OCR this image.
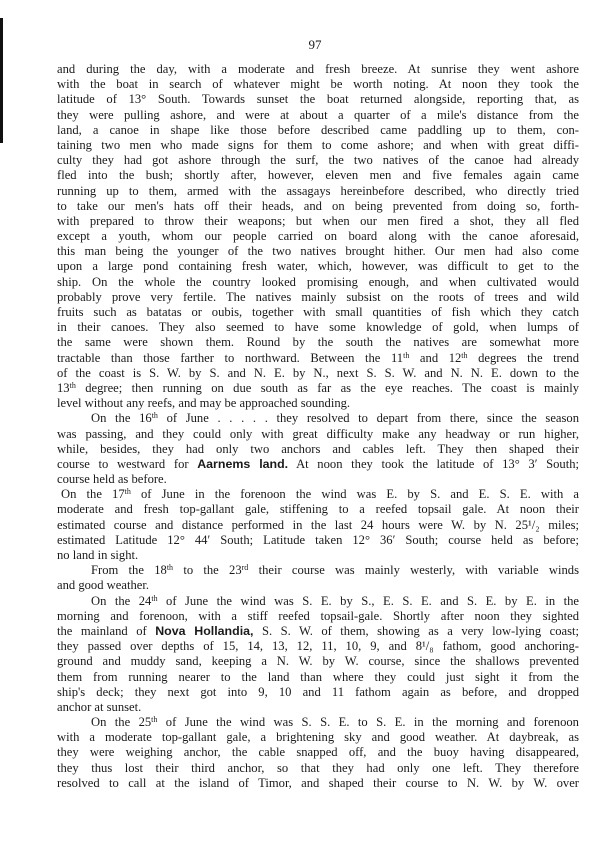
97
and during the day, with a moderate and fresh breeze. At sunrise they went ashore
with the boat in search of whatever might be worth noting. At noon they took the
latitude of 13° South. Towards sunset the boat returned alongside, reporting that, as
they were pulling ashore, and were at about a quarter of a mile's distance from the
land, a canoe in shape like those before described came paddling up to them, con-
taining two men who made signs for them to come ashore; and when with great diffi-
culty they had got ashore through the surf, the two natives of the canoe had already
fled into the bush; shortly after, however, eleven men and five females again came
running up to them, armed with the assagays hereinbefore described, who directly tried
to take our men's hats off their heads, and on being prevented from doing so, forth-
with prepared to throw their weapons; but when our men fired a shot, they all fled
except a youth, whom our people carried on board along with the canoe aforesaid,
this man being the younger of the two natives brought hither. Our men had also come
upon a large pond containing fresh water, which, however, was difficult to get to the
ship. On the whole the country looked promising enough, and when cultivated would
probably prove very fertile. The natives mainly subsist on the roots of trees and wild
fruits such as batatas or oubis, together with small quantities of fish which they catch
in their canoes. They also seemed to have some knowledge of gold, when lumps of
the same were shown them. Round by the south the natives are somewhat more
tractable than those farther to northward. Between the 11th and 12th degrees the trend
of the coast is S. W. by S. and N. E. by N., next S. S. W. and N. N. E. down to the
13th degree; then running on due south as far as the eye reaches. The coast is mainly
level without any reefs, and may be approached sounding.
On the 16th of June . . . . . they resolved to depart from there, since the season
was passing, and they could only with great difficulty make any headway or run higher,
while, besides, they had only two anchors and cables left. They then shaped their
course to westward for Aarnems land. At noon they took the latitude of 13° 3′ South;
course held as before.
On the 17th of June in the forenoon the wind was E. by S. and E. S. E. with a
moderate and fresh top-gallant gale, stiffening to a reefed topsail gale. At noon their
estimated course and distance performed in the last 24 hours were W. by N. 25¹/₂ miles;
estimated Latitude 12° 44′ South; Latitude taken 12° 36′ South; course held as before;
no land in sight.
From the 18th to the 23rd their course was mainly westerly, with variable winds
and good weather.
On the 24th of June the wind was S. E. by S., E. S. E. and S. E. by E. in the
morning and forenoon, with a stiff reefed topsail-gale. Shortly after noon they sighted
the mainland of Nova Hollandia, S. S. W. of them, showing as a very low-lying coast;
they passed over depths of 15, 14, 13, 12, 11, 10, 9, and 8¹/₈ fathom, good anchoring-
ground and muddy sand, keeping a N. W. by W. course, since the shallows prevented
them from running nearer to the land than where they could just sight it from the
ship's deck; they next got into 9, 10 and 11 fathom again as before, and dropped
anchor at sunset.
On the 25th of June the wind was S. S. E. to S. E. in the morning and forenoon
with a moderate top-gallant gale, a brightening sky and good weather. At daybreak, as
they were weighing anchor, the cable snapped off, and the buoy having disappeared,
they thus lost their third anchor, so that they had only one left. They therefore
resolved to call at the island of Timor, and shaped their course to N. W. by W. over
